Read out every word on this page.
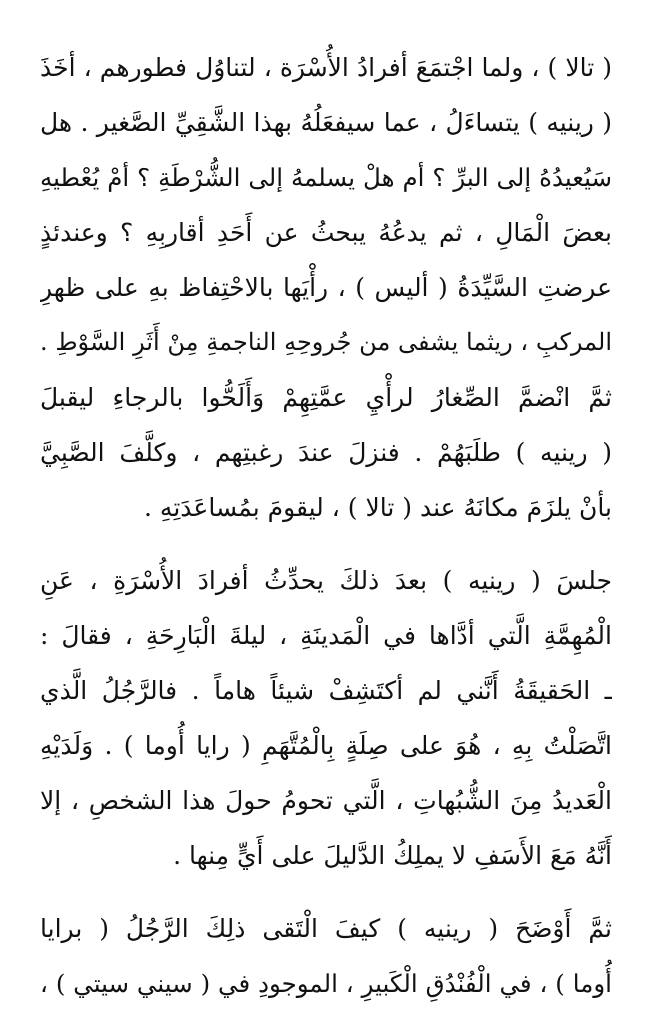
( تالا ) ، ولما اجْتمَعَ أفرادُ الأُسْرَة ، لتناوُل فطورهم ، أخَذَ
( رينيه ) يتساءَلُ ، عما سيفعَلُهُ بهذا الشَّقِيِّ الصَّغير . هل
سَيُعيدُهُ إلى البرِّ ؟ أم هلْ يسلمهُ إلى الشُّرْطَةِ ؟ أمْ يُعْطيهِ
بعضَ الْمَالِ ، ثم يدعُهُ يبحثُ عن أَحَدِ أقاربِهِ ؟ وعندئذٍ
عرضتِ السَّيِّدَةُ ( أليس ) ، رأْيَها بالاحْتِفاظ بهِ على ظهرِ
المركبِ ، ريثما يشفى من جُروحِهِ الناجمةِ مِنْ أَثَرِ السَّوْطِ .
ثمَّ انْضمَّ الصِّغارُ لرأْيِ عمَّتِهِمْ وَأَلَحُّوا بالرجاءِ ليقبلَ
( رينيه ) طلَبَهُمْ . فنزلَ عندَ رغبتِهم ، وكلَّفَ الصَّبِيَّ
بأنْ يلزَمَ مكانَهُ عند ( تالا ) ، ليقومَ بمُساعَدَتِهِ .
جلسَ ( رينيه ) بعدَ ذلكَ يحدِّثُ أفرادَ الأُسْرَةِ ، عَنِ
الْمُهِمَّةِ الَّتي أدَّاها في الْمَدينَةِ ، ليلةَ الْبَارِحَةِ ، فقالَ :
ـ الحَقيقَةُ أَنَّني لم أكتَشِفْ شيئاً هاماً . فالرَّجُلُ الَّذي
اتَّصَلْتُ بِهِ ، هُوَ على صِلَةٍ بِالْمُتَّهَمِ ( رايا أُوما ) . وَلَدَيْهِ
الْعَديدُ مِنَ الشُّبُهاتِ ، الَّتي تحومُ حولَ هذا الشخصِ ، إلا
أَنَّهُ مَعَ الأَسَفِ لا يملِكُ الدَّليلَ على أَيٍّ مِنها .
ثمَّ أَوْضَحَ ( رينيه ) كيفَ الْتَقى ذلِكَ الرَّجُلُ ( برايا
أُوما ) ، في الْفُنْدُقِ الْكَبيرِ ، الموجودِ في ( سيني سيتي ) ،
